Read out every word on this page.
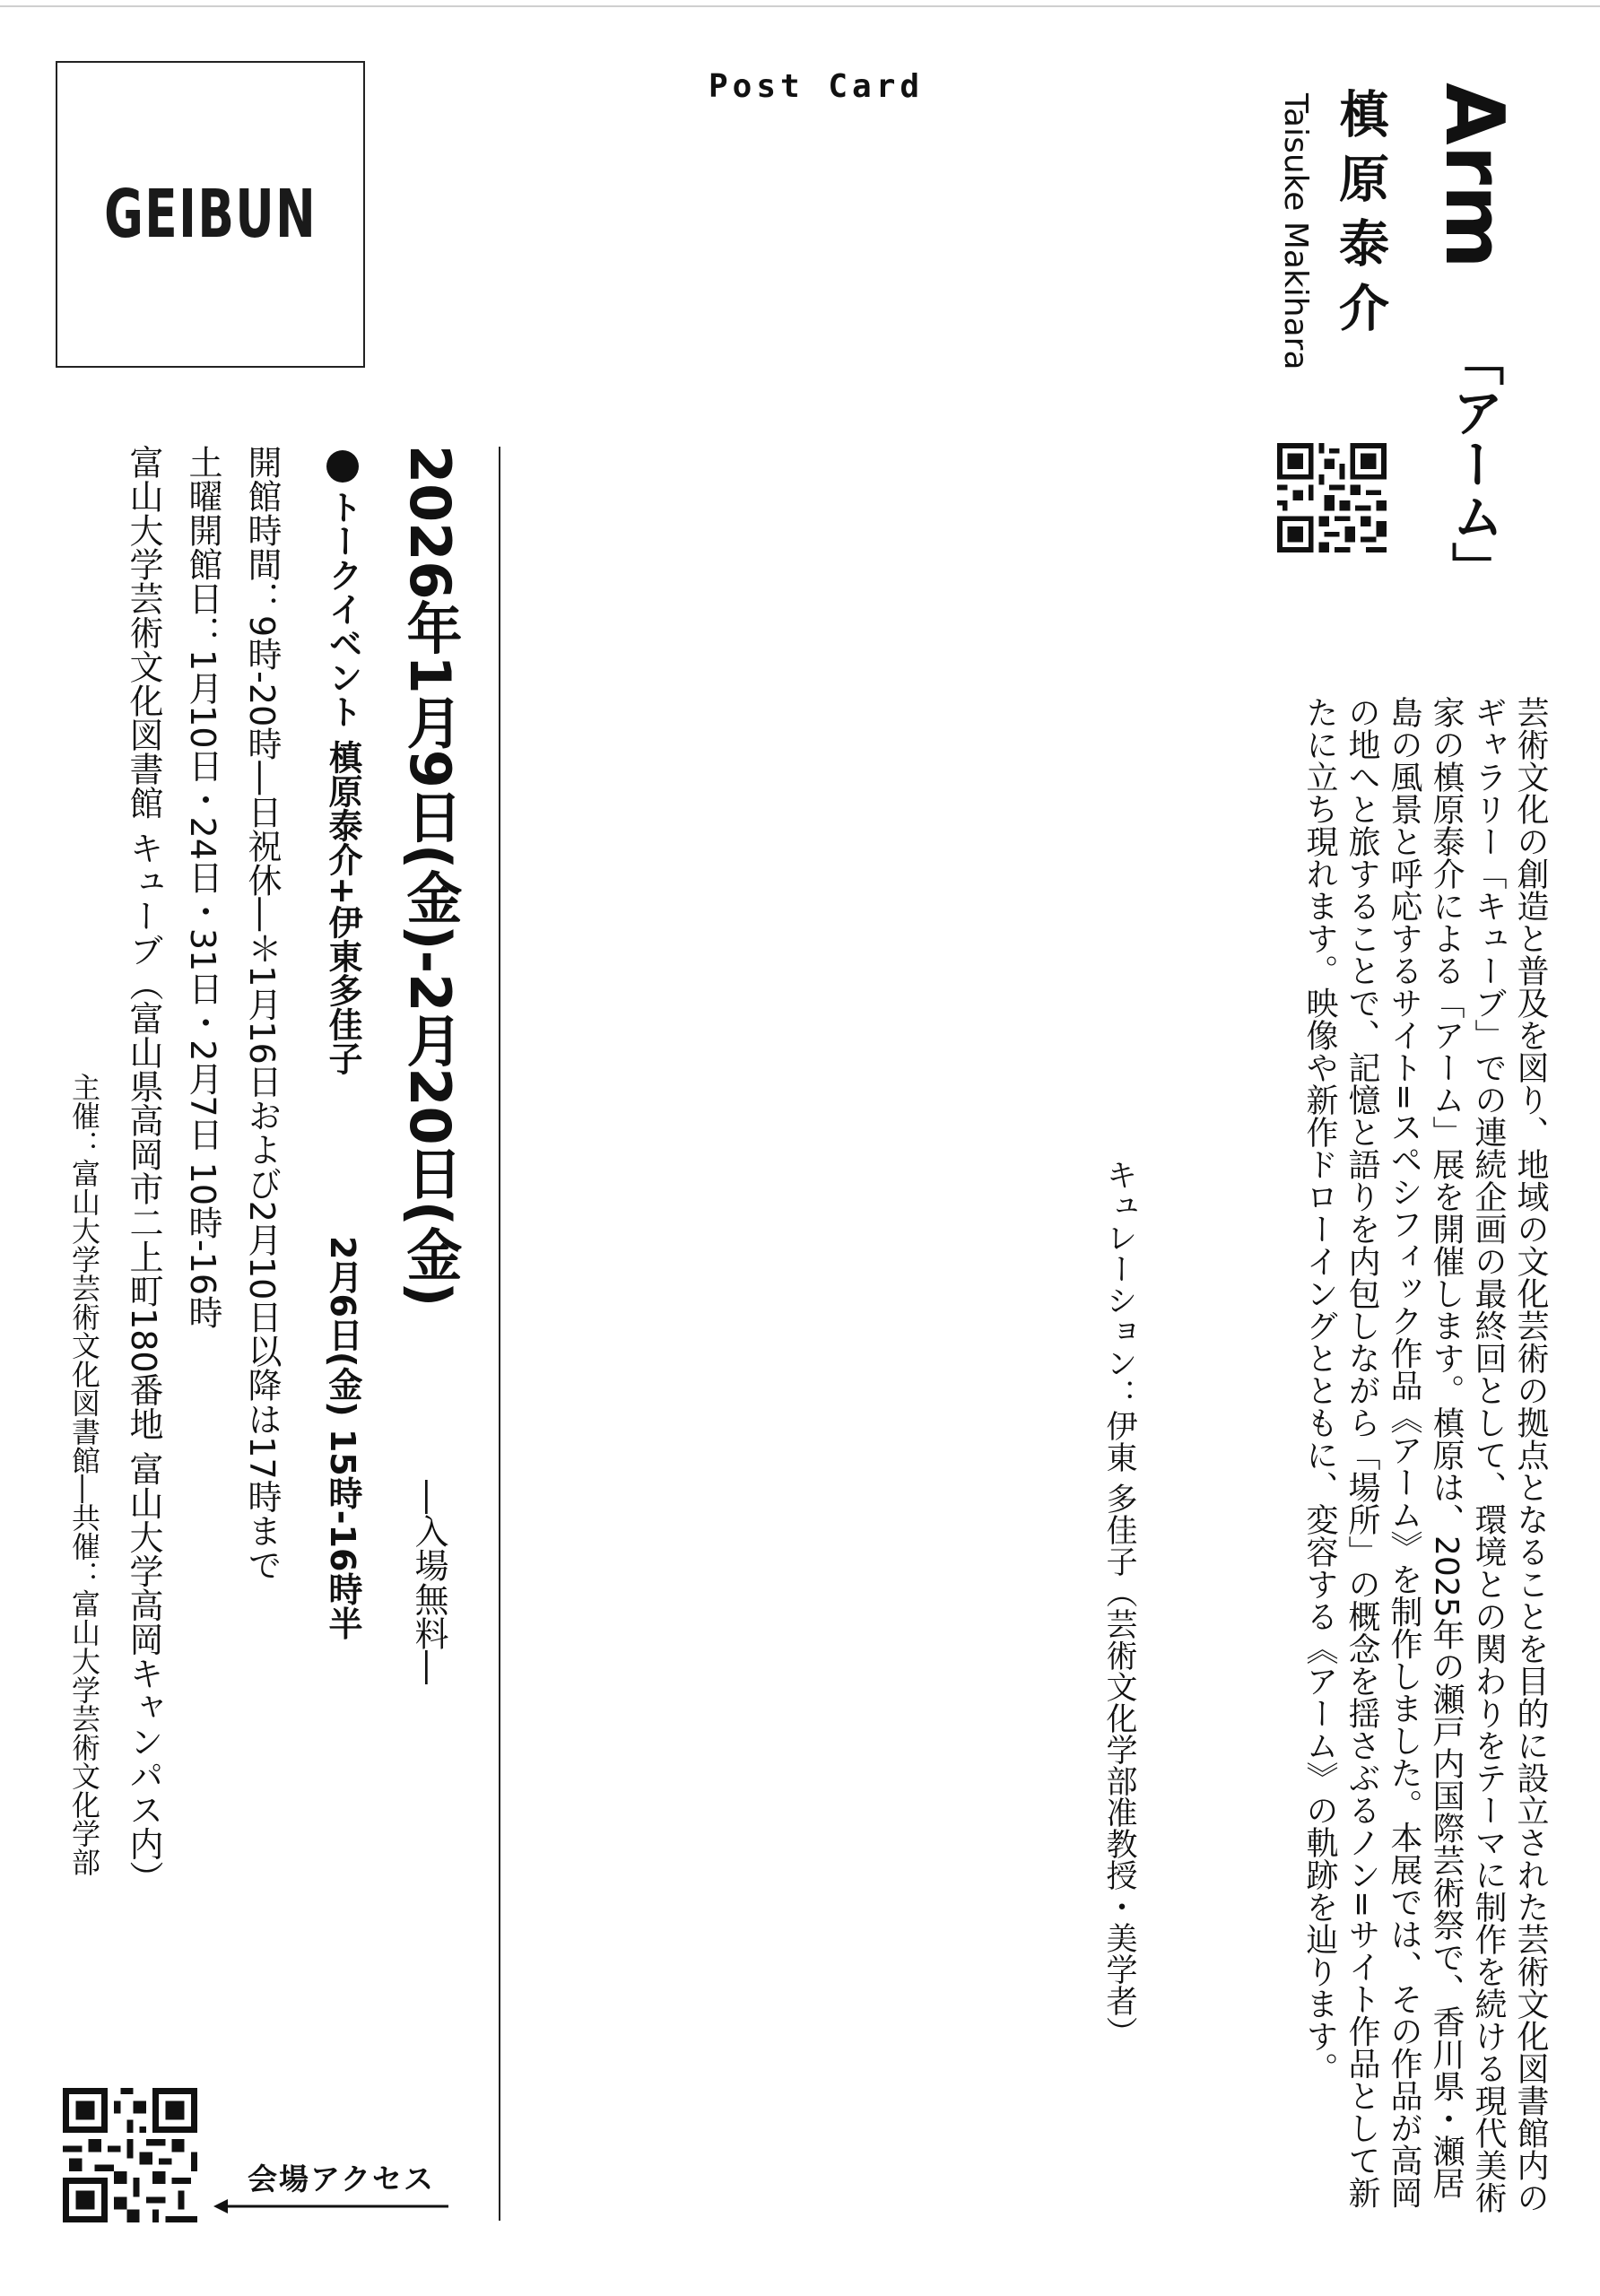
GEIBUN
Post Card	Arm
「アーム」
槙原泰介
Taisuke Makihara
芸術文化の創造と普及を図り、地域の文化芸術の拠点となることを目的に設立された芸術文化図書館内のギャラリー「キューブ」での連続企画の最終回として、環境との関わりをテーマに制作を続ける現代美術家の槙原泰介による「アーム」展を開催します。槙原は、2025年の瀬戸内国際芸術祭で、香川県・瀬居島の風景と呼応するサイト=スペシフィック作品《アーム》を制作しました。本展では、その作品が高岡の地へと旅することで、記憶と語りを内包しながら「場所」の概念を揺さぶるノン=サイト作品として新たに立ち現れます。映像や新作ドローイングとともに、変容する《アーム》の軌跡を辿ります。
キュレーション：伊東 多佳子（芸術文化学部准教授・美学者）
2026年1月9日(金)-2月20日(金)
―入場無料―
トークイベント 槙原泰介+伊東多佳子
2月6日(金) 15時-16時半
開館時間：9時-20時―日祝休―＊1月16日および2月10日以降は17時まで
土曜開館日：1月10日・24日・31日・2月7日 10時-16時
富山大学芸術文化図書館 キューブ（富山県高岡市二上町180番地 富山大学高岡キャンパス内）
主催：富山大学芸術文化図書館―共催：富山大学芸術文化学部
会場アクセス
